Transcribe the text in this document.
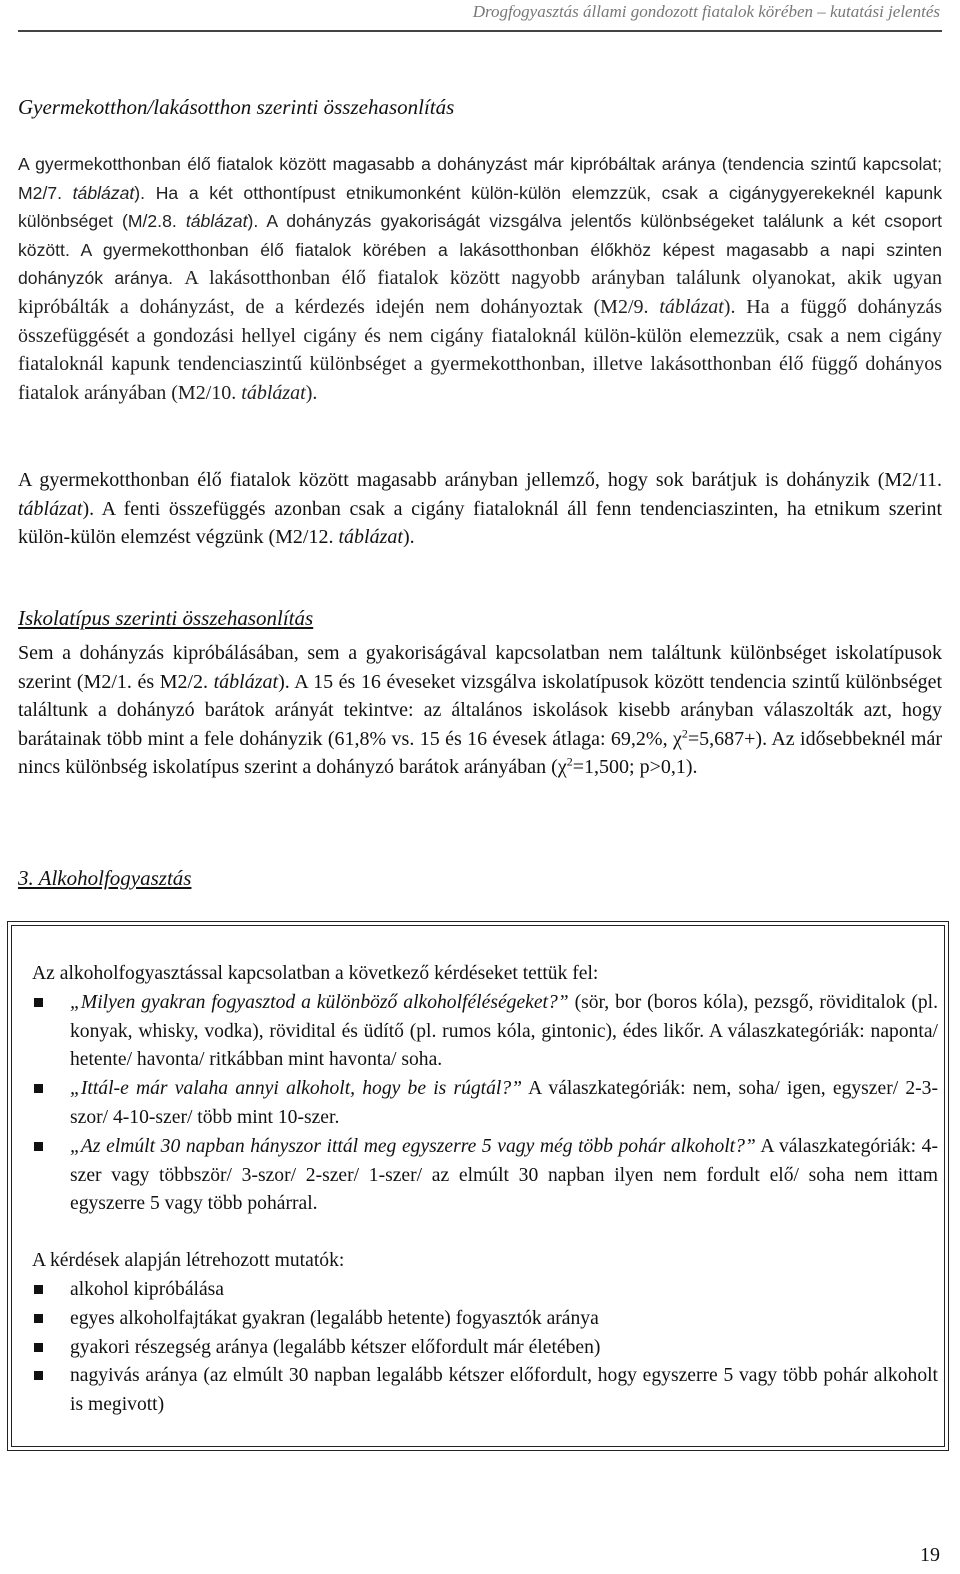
Drogfogyasztás állami gondozott fiatalok körében – kutatási jelentés
Gyermekotthon/lakásotthon szerinti összehasonlítás

A gyermekotthonban élő fiatalok között magasabb a dohányzást már kipróbáltak aránya (tendencia szintű kapcsolat; M2/7. táblázat). Ha a két otthontípust etnikumonként külön-külön elemzzük, csak a cigánygyerekeknél kapunk különbséget (M/2.8. táblázat). A dohányzás gyakoriságát vizsgálva jelentős különbségeket találunk a két csoport között. A gyermekotthonban élő fiatalok körében a lakásotthonban élőkhöz képest magasabb a napi szinten dohányzók aránya. A lakásotthonban élő fiatalok között nagyobb arányban találunk olyanokat, akik ugyan kipróbálták a dohányzást, de a kérdezés idején nem dohányoztak (M2/9. táblázat). Ha a függő dohányzás összefüggését a gondozási hellyel cigány és nem cigány fiataloknál külön-külön elemezzük, csak a nem cigány fiataloknál kapunk tendenciaszintű különbséget a gyermekotthonban, illetve lakásotthonban élő függő dohányos fiatalok arányában (M2/10. táblázat).

A gyermekotthonban élő fiatalok között magasabb arányban jellemző, hogy sok barátjuk is dohányzik (M2/11. táblázat). A fenti összefüggés azonban csak a cigány fiataloknál áll fenn tendenciaszinten, ha etnikum szerint külön-külön elemzést végzünk (M2/12. táblázat).

Iskolatípus szerinti összehasonlítás

Sem a dohányzás kipróbálásában, sem a gyakoriságával kapcsolatban nem találtunk különbséget iskolatípusok szerint (M2/1. és M2/2. táblázat). A 15 és 16 éveseket vizsgálva iskolatípusok között tendencia szintű különbséget találtunk a dohányzó barátok arányát tekintve: az általános iskolások kisebb arányban válaszolták azt, hogy barátainak több mint a fele dohányzik (61,8% vs. 15 és 16 évesek átlaga: 69,2%, $\chi^2=5,687+$). Az idősebbeknél már nincs különbség iskolatípus szerint a dohányzó barátok arányában ($\chi^2=1,500$; p>0,1).

3. Alkoholfogyasztás

Az alkoholfogyasztással kapcsolatban a következő kérdéseket tettük fel:

„Milyen gyakran fogyasztod a különböző alkoholféléségeket?” (sör, bor (boros kóla), pezsgő, röviditalok (pl. konyak, whisky, vodka), rövidital és üdítő (pl. rumos kóla, gintonic), édes likőr. A válaszkategóriák: naponta/ hetente/ havonta/ ritkábban mint havonta/ soha.
„Ittál-e már valaha annyi alkoholt, hogy be is rúgtál?” A válaszkategóriák: nem, soha/ igen, egyszer/ 2-3-szor/ 4-10-szer/ több mint 10-szer.
„Az elmúlt 30 napban hányszor ittál meg egyszerre 5 vagy még több pohár alkoholt?” A válaszkategóriák: 4-szer vagy többször/ 3-szor/ 2-szer/ 1-szer/ az elmúlt 30 napban ilyen nem fordult elő/ soha nem ittam egyszerre 5 vagy több pohárral.

A kérdések alapján létrehozott mutatók:

alkohol kipróbálása
egyes alkoholfajtákat gyakran (legalább hetente) fogyasztók aránya
gyakori részegség aránya (legalább kétszer előfordult már életében)
nagyivás aránya (az elmúlt 30 napban legalább kétszer előfordult, hogy egyszerre 5 vagy több pohár alkoholt is megivott)
19
